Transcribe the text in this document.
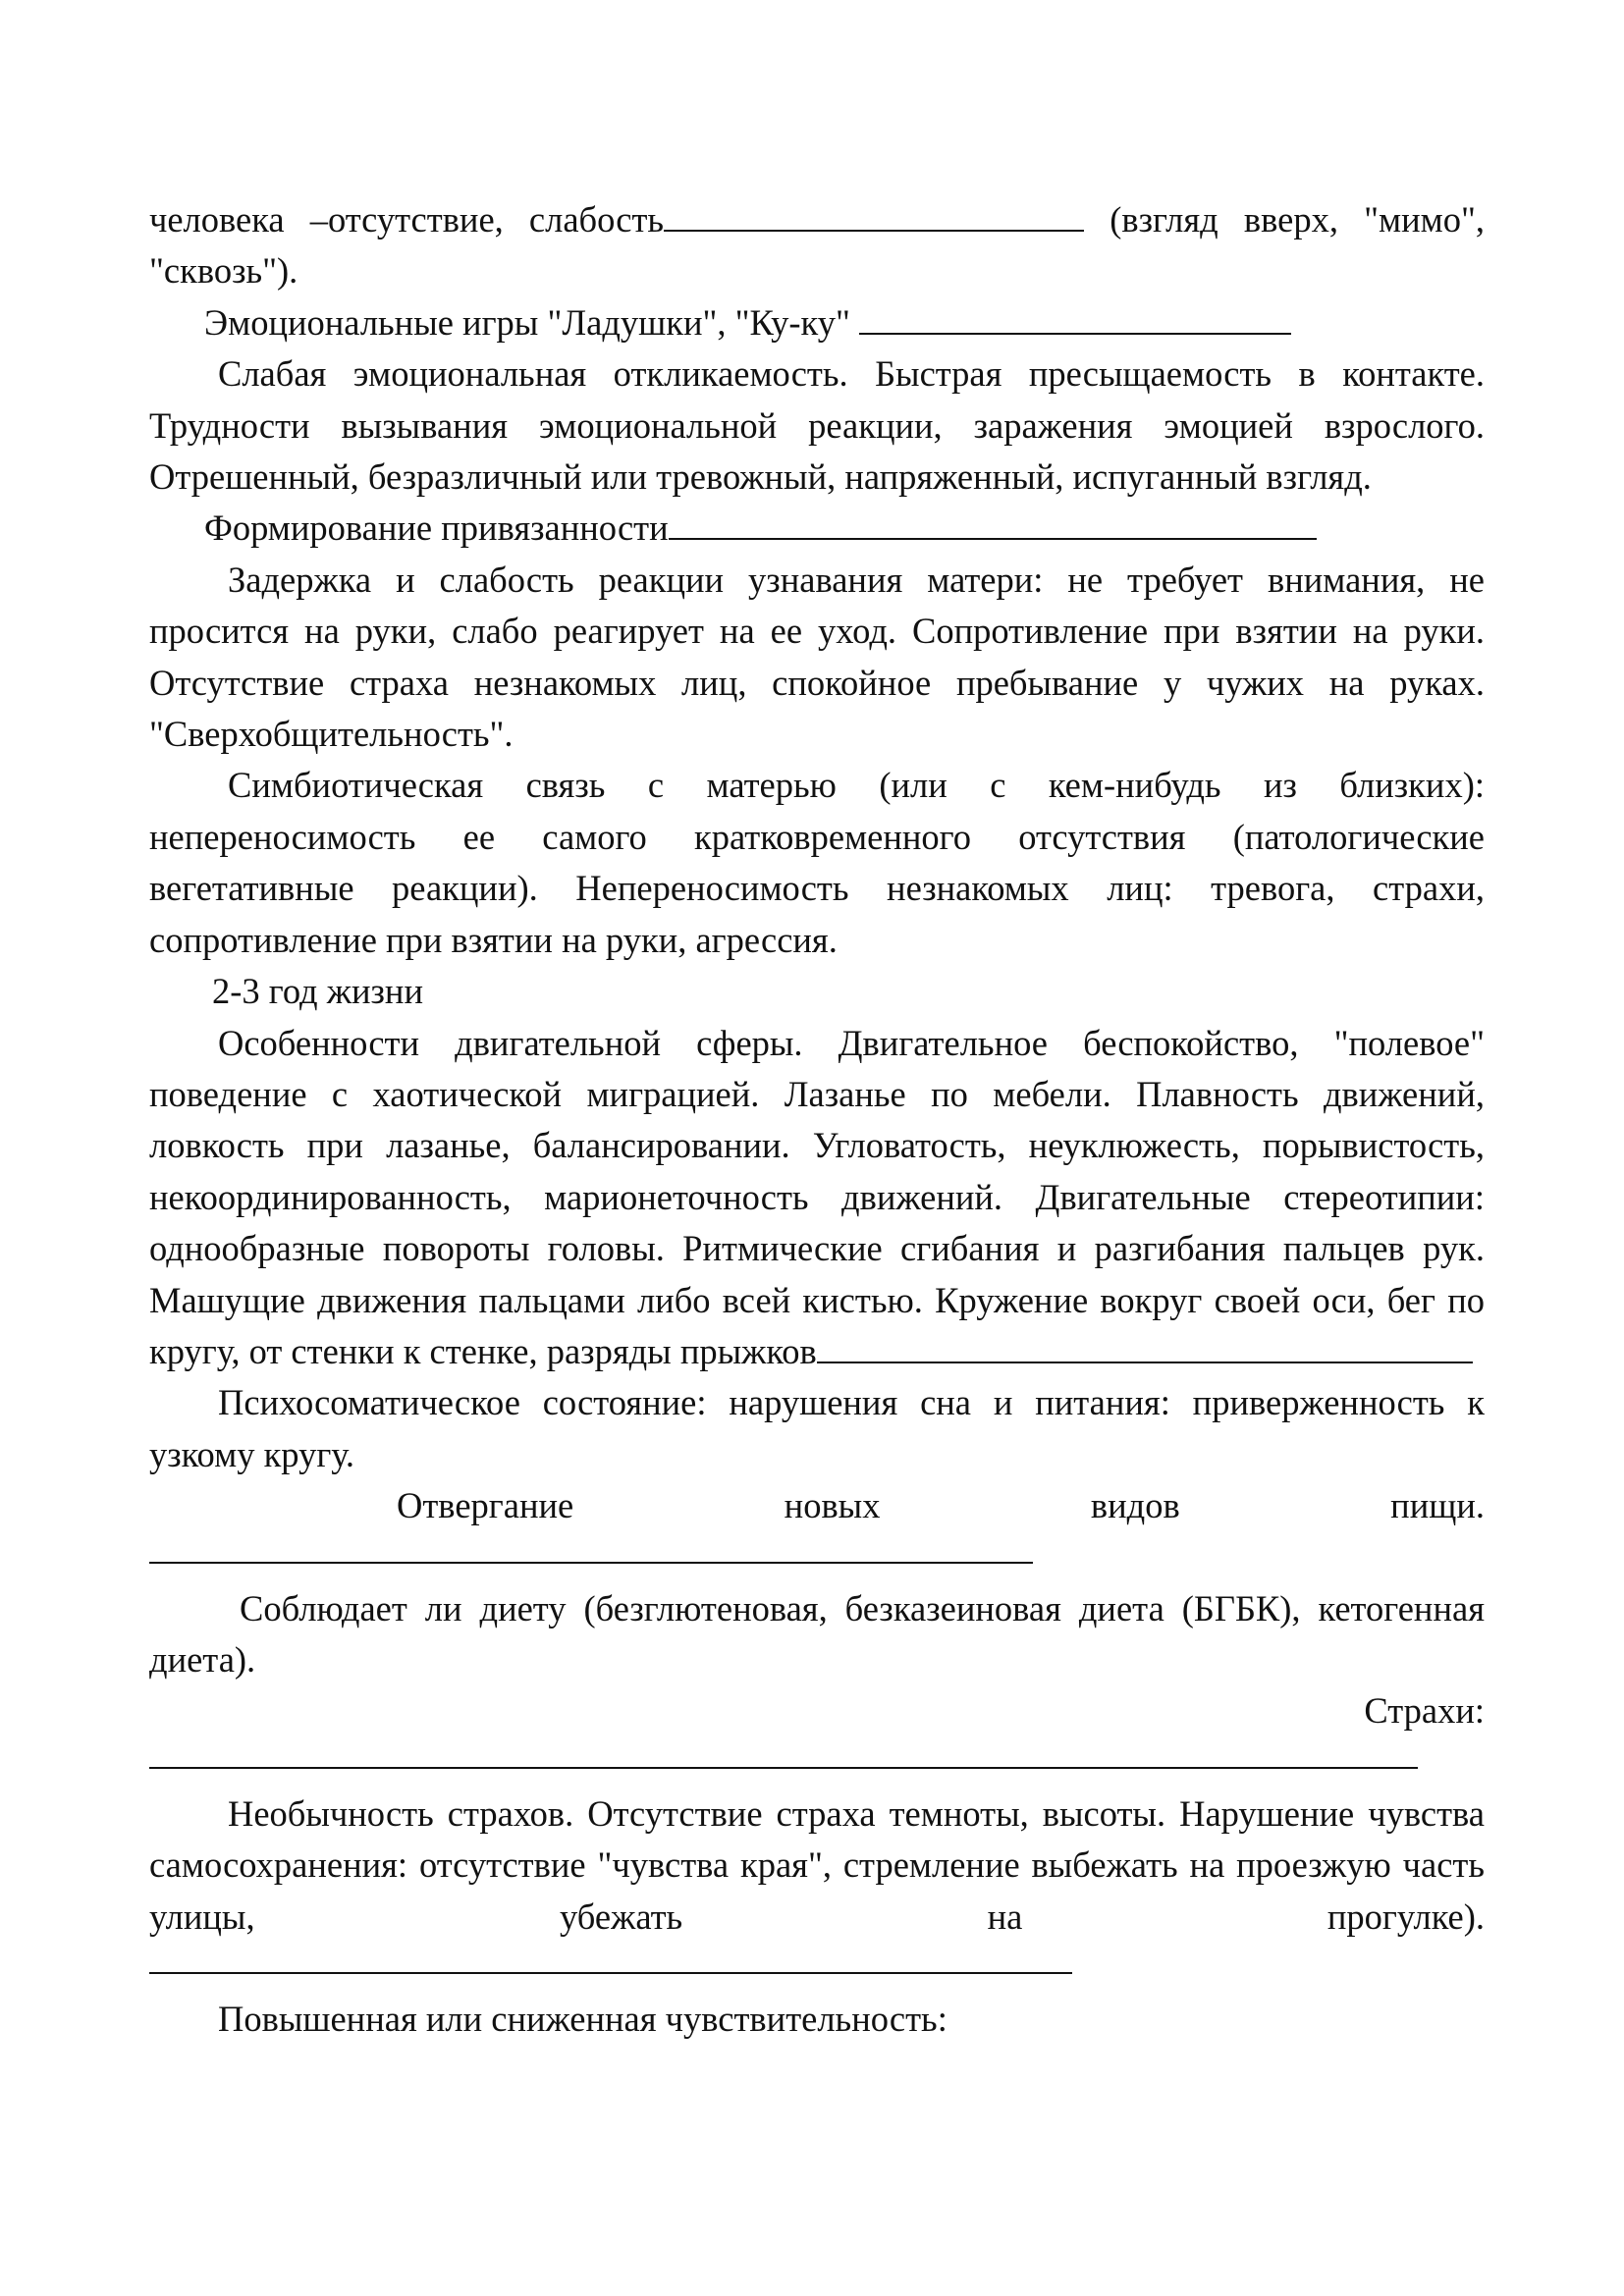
человека –отсутствие, слабость	(взгляд вверх, "мимо", "сквозь").

Эмоциональные игры "Ладушки", "Ку-ку"

Слабая эмоциональная откликаемость. Быстрая пресыщаемость в контакте. Трудности вызывания эмоциональной реакции, заражения эмоцией взрослого. Отрешенный, безразличный или тревожный, напряженный, испуганный взгляд.

Формирование привязанности

Задержка и слабость реакции узнавания матери: не требует внимания, не просится на руки, слабо реагирует на ее уход. Сопротивление при взятии на руки. Отсутствие страха незнакомых лиц, спокойное пребывание у чужих на руках. "Сверхобщительность".

Симбиотическая связь с матерью (или с кем-нибудь из близких): непереносимость ее самого кратковременного отсутствия (патологические вегетативные реакции). Непереносимость незнакомых лиц: тревога, страхи, сопротивление при взятии на руки, агрессия.

2-3 год жизни

Особенности двигательной сферы. Двигательное беспокойство, "полевое" поведение с хаотической миграцией. Лазанье по мебели. Плавность движений, ловкость при лазанье, балансировании. Угловатость, неуклюжесть, порывистость, некоординированность, марионеточность движений. Двигательные стереотипии: однообразные повороты головы. Ритмические сгибания и разгибания пальцев рук. Машущие движения пальцами либо всей кистью. Кружение вокруг своей оси, бег по кругу, от стенки к стенке, разряды прыжков

Психосоматическое состояние: нарушения сна и питания: приверженность к узкому кругу.

Отвергание новых видов пищи.

Соблюдает ли диету (безглютеновая, безказеиновая диета (БГБК), кетогенная диета).

Страхи:

Необычность страхов. Отсутствие страха темноты, высоты. Нарушение чувства самосохранения: отсутствие "чувства края", стремление выбежать на проезжую часть улицы, убежать на прогулке).

Повышенная или сниженная чувствительность:
